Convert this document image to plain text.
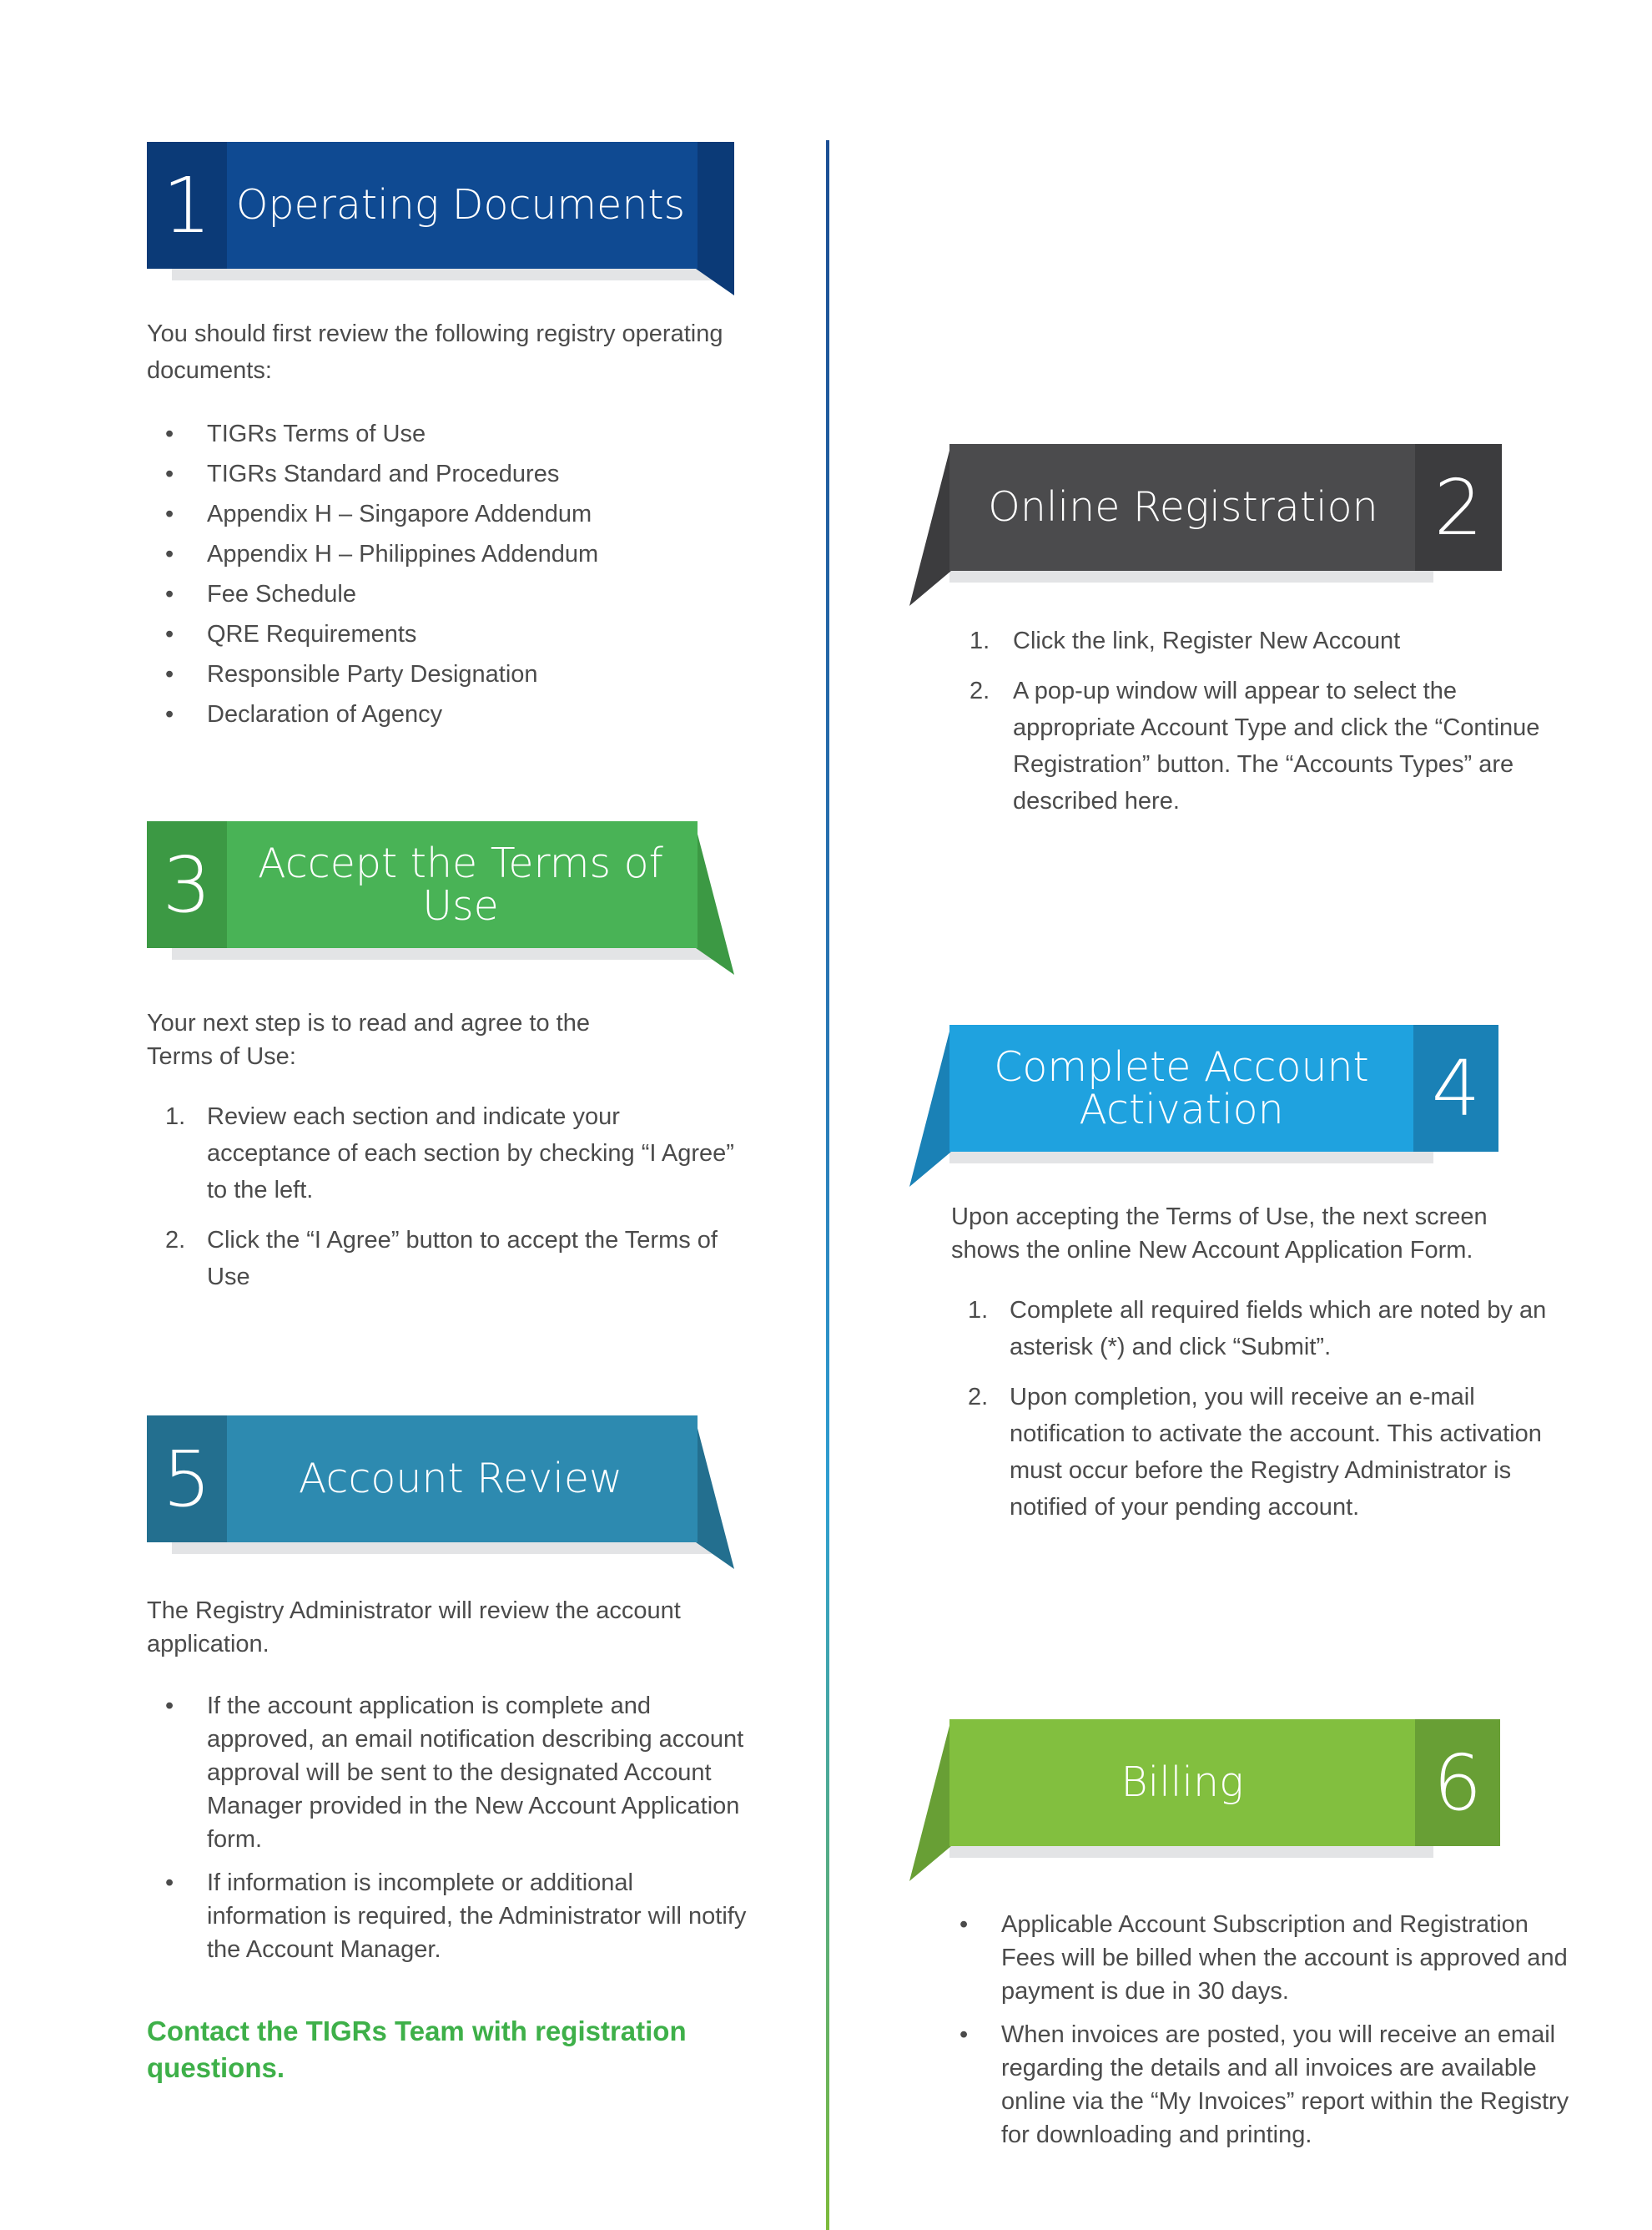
1 Operating Documents

You should first review the following registry operating documents:

• TIGRs Terms of Use
• TIGRs Standard and Procedures
• Appendix H – Singapore Addendum
• Appendix H – Philippines Addendum
• Fee Schedule
• QRE Requirements
• Responsible Party Designation
• Declaration of Agency
2
Online Registration
1. Click the link, Register New Account
2. A pop-up window will appear to select the appropriate Account Type and click the “Continue Registration” button. The “Accounts Types” are described here.
3	Accept the Terms of Use
Your next step is to read and agree to the
Terms of Use:
1. Review each section and indicate your acceptance of each section by checking “I Agree” to the left.
2. Click the “I Agree” button to accept the Terms of Use
4
Complete Account
Activation
Upon accepting the Terms of Use, the next screen
shows the online New Account Application Form.
1. Complete all required fields which are noted by an asterisk (*) and click “Submit”.
2. Upon completion, you will receive an e-mail notification to activate the account. This activation must occur before the Registry Administrator is notified of your pending account.
5	Account Review
The Registry Administrator will review the account
application.
• If the account application is complete and approved, an email notification describing account approval will be sent to the designated Account Manager provided in the New Account Application form.
• If information is incomplete or additional information is required, the Administrator will notify the Account Manager.
Contact the TIGRs Team with registration questions.
6
Billing
• Applicable Account Subscription and Registration Fees will be billed when the account is approved and payment is due in 30 days.
• When invoices are posted, you will receive an email regarding the details and all invoices are available online via the “My Invoices” report within the Registry for downloading and printing.
